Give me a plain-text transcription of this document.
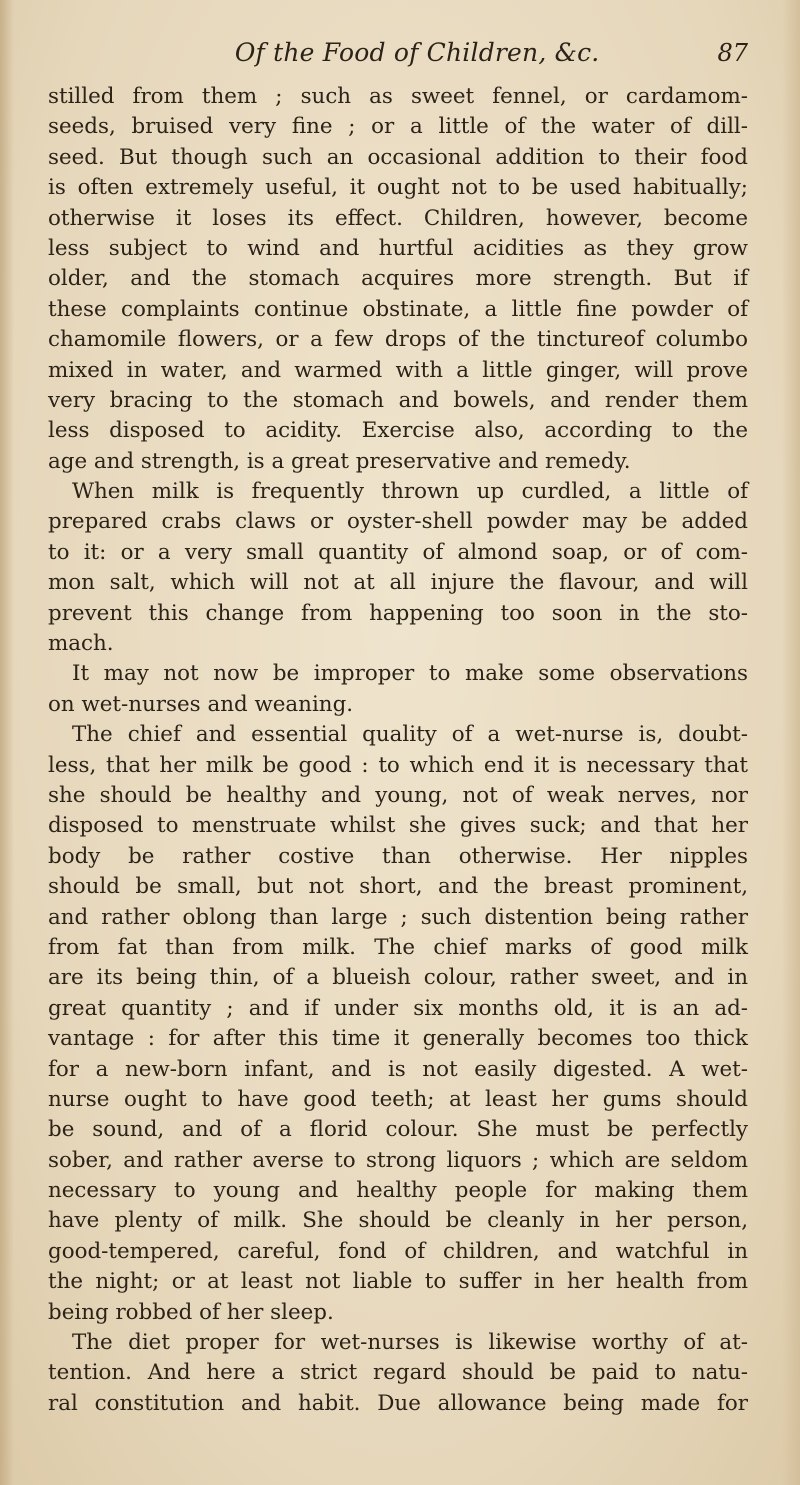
Of the Food of Children, &c.	87
stilled from them ; such as sweet fennel, or cardamom-
seeds, bruised very fine ; or a little of the water of dill-
seed. But though such an occasional addition to their food
is often extremely useful, it ought not to be used habitually;
otherwise it loses its effect. Children, however, become
less subject to wind and hurtful acidities as they grow
older, and the stomach acquires more strength. But if
these complaints continue obstinate, a little fine powder of
chamomile flowers, or a few drops of the tinctureof columbo
mixed in water, and warmed with a little ginger, will prove
very bracing to the stomach and bowels, and render them
less disposed to acidity. Exercise also, according to the
age and strength, is a great preservative and remedy.
When milk is frequently thrown up curdled, a little of
prepared crabs claws or oyster-shell powder may be added
to it: or a very small quantity of almond soap, or of com-
mon salt, which will not at all injure the flavour, and will
prevent this change from happening too soon in the sto-
mach.
It may not now be improper to make some observations
on wet-nurses and weaning.
The chief and essential quality of a wet-nurse is, doubt-
less, that her milk be good : to which end it is necessary that
she should be healthy and young, not of weak nerves, nor
disposed to menstruate whilst she gives suck; and that her
body be rather costive than otherwise. Her nipples
should be small, but not short, and the breast prominent,
and rather oblong than large ; such distention being rather
from fat than from milk. The chief marks of good milk
are its being thin, of a blueish colour, rather sweet, and in
great quantity ; and if under six months old, it is an ad-
vantage : for after this time it generally becomes too thick
for a new-born infant, and is not easily digested. A wet-
nurse ought to have good teeth; at least her gums should
be sound, and of a florid colour. She must be perfectly
sober, and rather averse to strong liquors ; which are seldom
necessary to young and healthy people for making them
have plenty of milk. She should be cleanly in her person,
good-tempered, careful, fond of children, and watchful in
the night; or at least not liable to suffer in her health from
being robbed of her sleep.
The diet proper for wet-nurses is likewise worthy of at-
tention. And here a strict regard should be paid to natu-
ral constitution and habit. Due allowance being made for
